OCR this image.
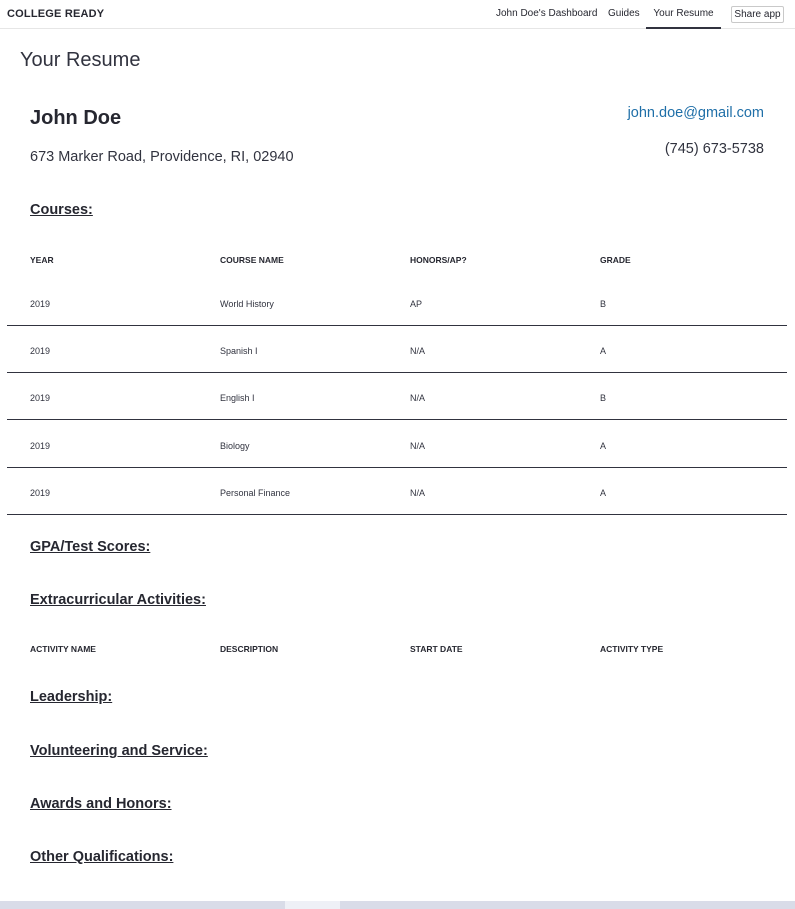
COLLEGE READY	John Doe's Dashboard Guides	Your Resume	Share app
Your Resume
John Doe
673 Marker Road, Providence, RI, 02940
john.doe@gmail.com
(745) 673-5738
Courses:
YEAR	COURSE NAME	HONORS/AP?	GRADE
2019	World History	AP	B
2019	Spanish I	N/A	A
2019	English I	N/A	B
2019	Biology	N/A	A
2019	Personal Finance	N/A	A
GPA/Test Scores:
Extracurricular Activities:
ACTIVITY NAME	DESCRIPTION	START DATE	ACTIVITY TYPE
Leadership:
Volunteering and Service:
Awards and Honors:
Other Qualifications:
